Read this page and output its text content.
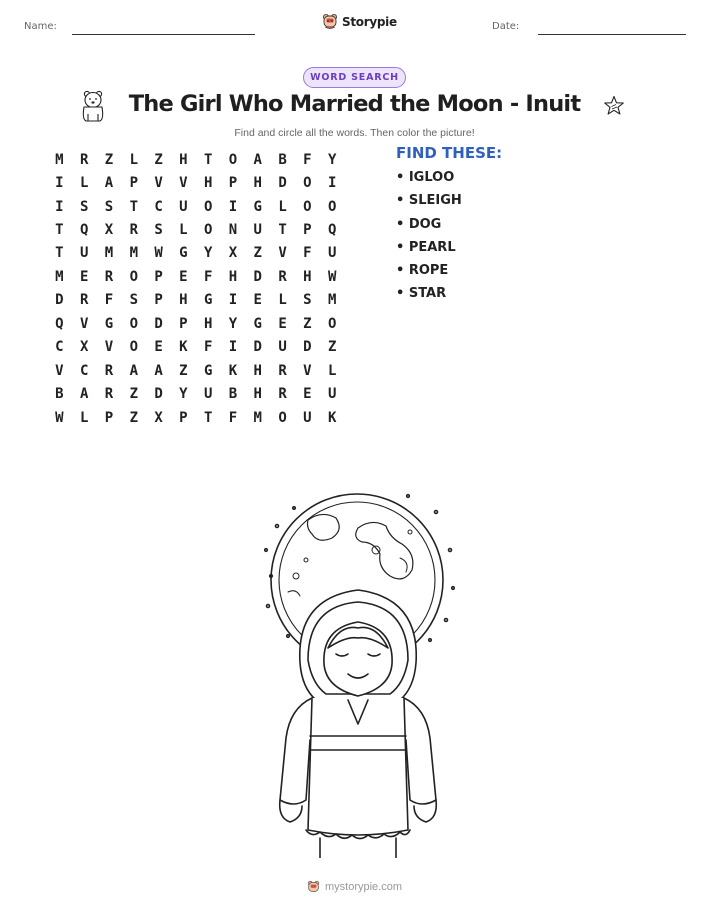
Name:	Storypie	Date:
WORD SEARCH
The Girl Who Married the Moon - Inuit
Find and circle all the words. Then color the picture!
M	R	Z	L	Z	H	T	O	A	B	F	Y
I	L	A	P	V	V	H	P	H	D	O	I
I	S	S	T	C	U	O	I	G	L	O	O
T	Q	X	R	S	L	O	N	U	T	P	Q
T	U	M	M	W	G	Y	X	Z	V	F	U
M	E	R	O	P	E	F	H	D	R	H	W
D	R	F	S	P	H	G	I	E	L	S	M
Q	V	G	O	D	P	H	Y	G	E	Z	O
C	X	V	O	E	K	F	I	D	U	D	Z
V	C	R	A	A	Z	G	K	H	R	V	L
B	A	R	Z	D	Y	U	B	H	R	E	U
W	L	P	Z	X	P	T	F	M	O	U	K
FIND THESE:
• IGLOO
• SLEIGH
• DOG
• PEARL
• ROPE
• STAR
mystorypie.com
